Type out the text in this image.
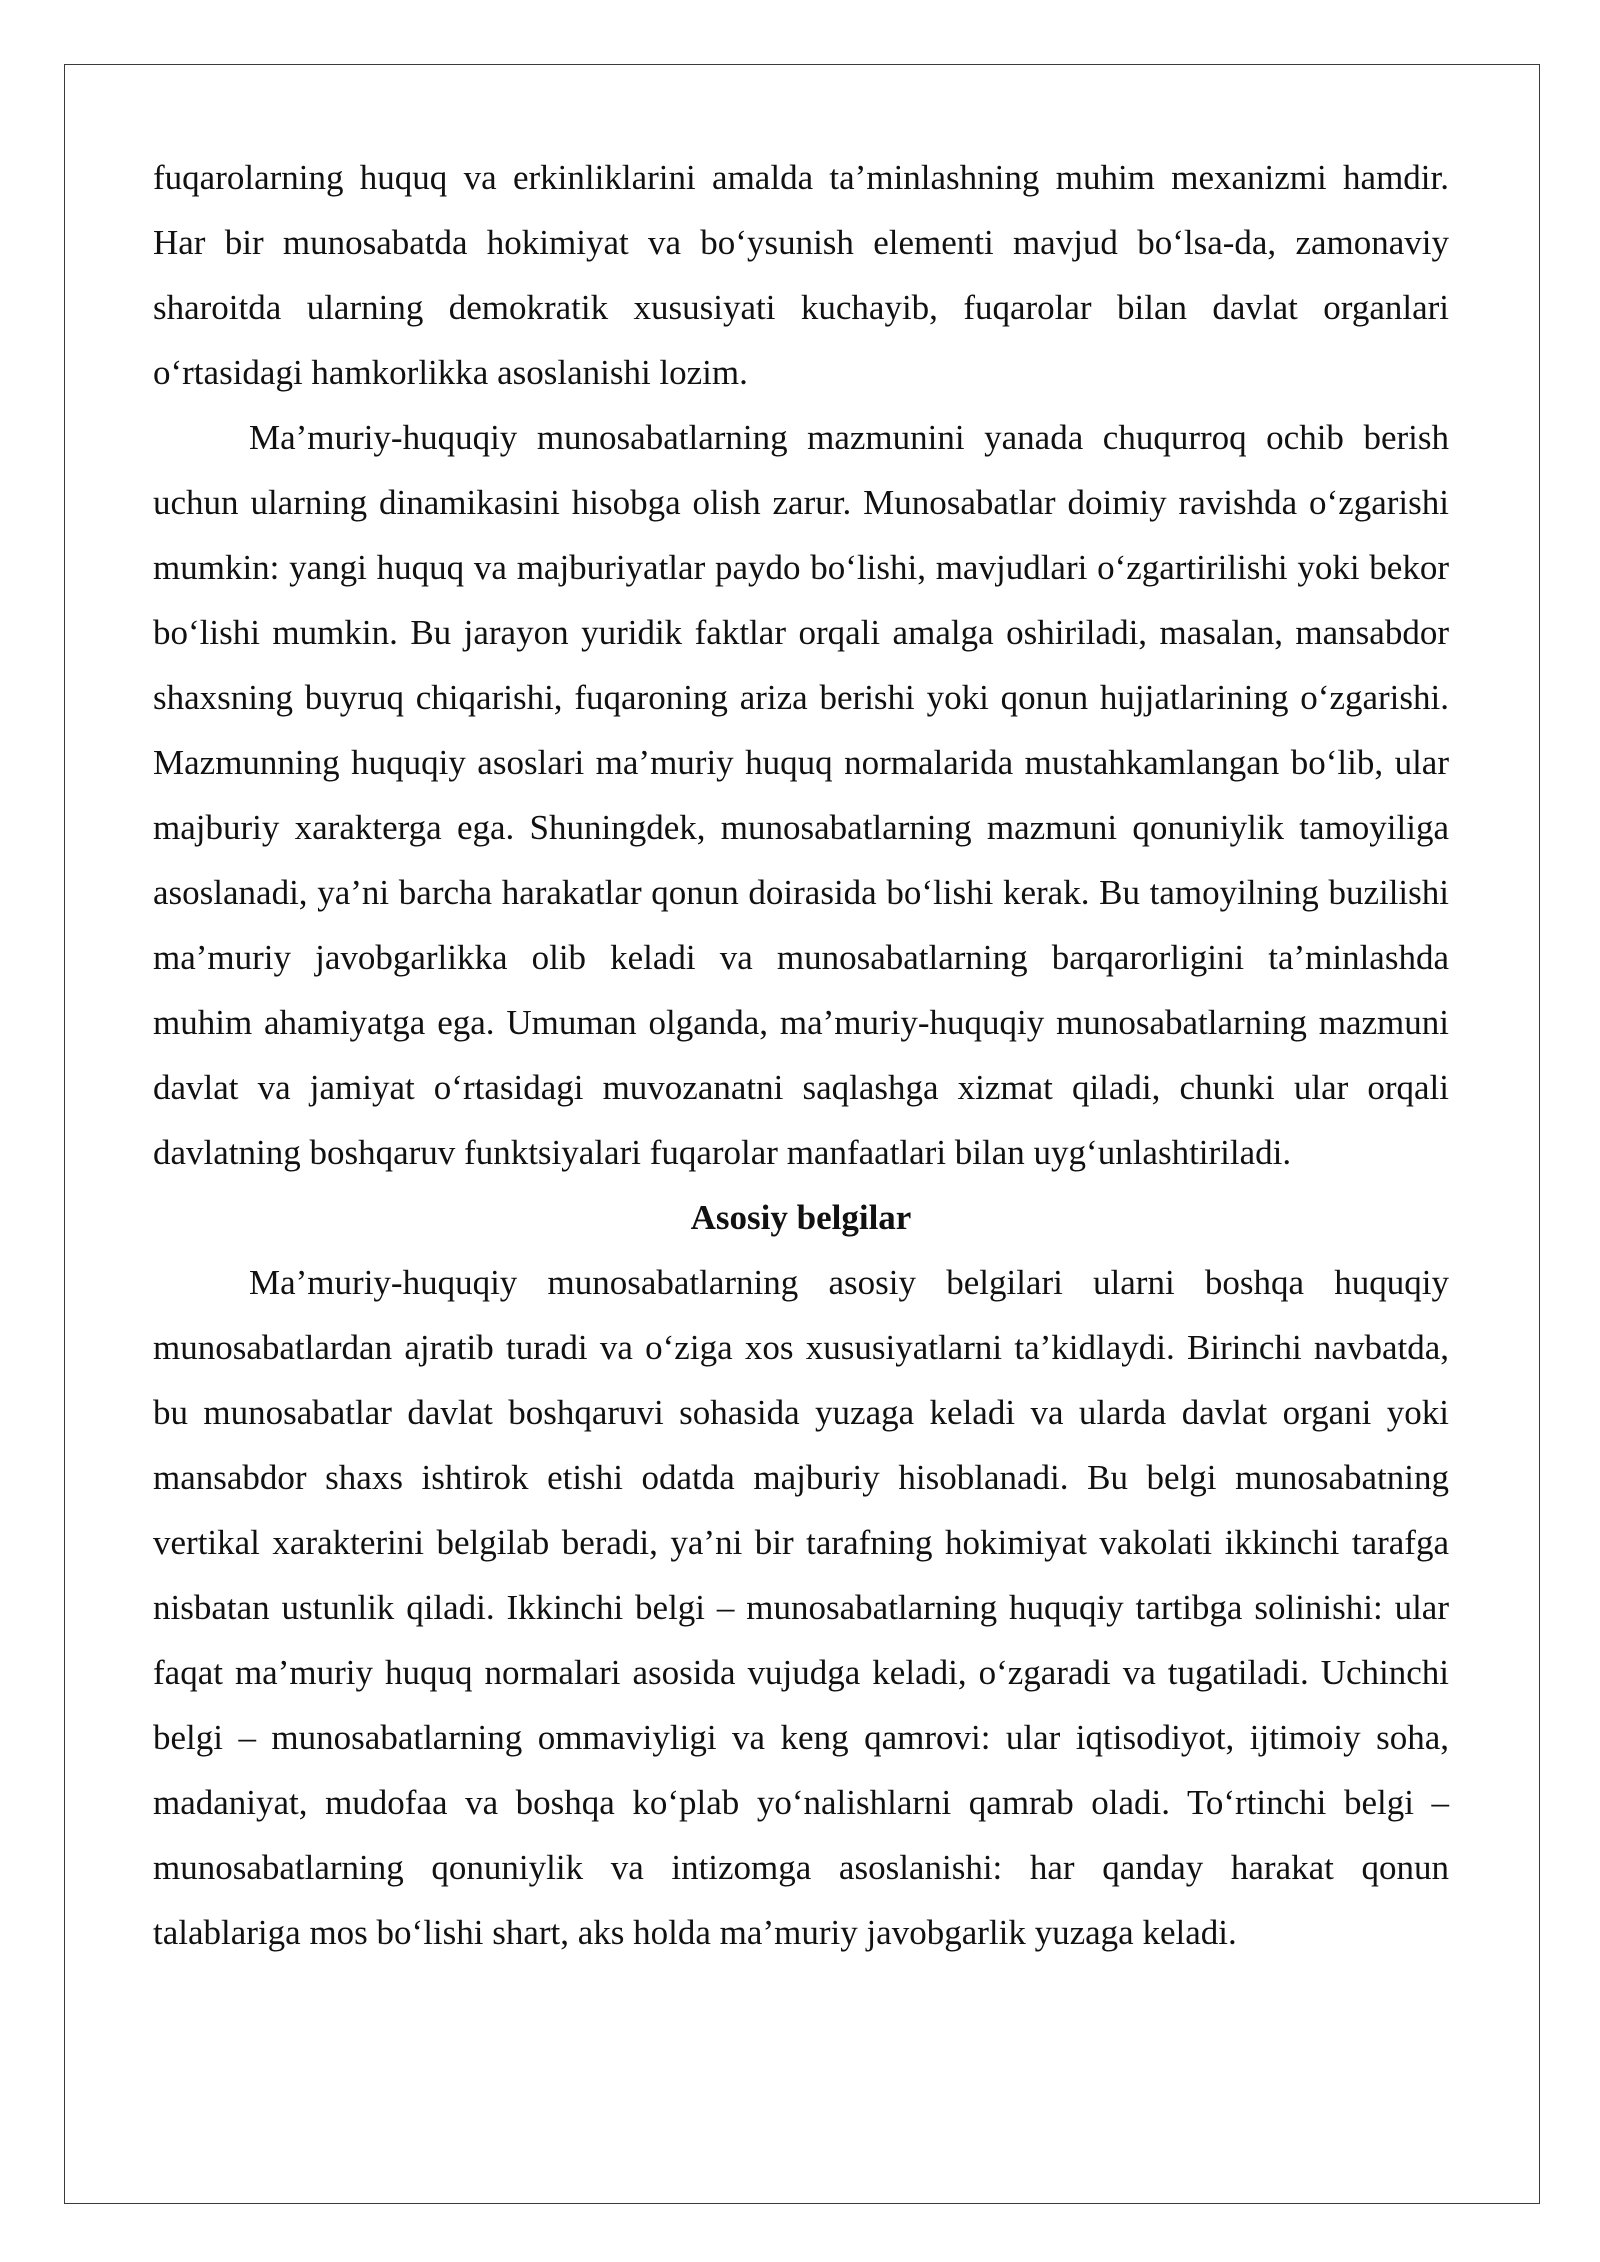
fuqarolarning huquq va erkinliklarini amalda ta’minlashning muhim mexanizmi hamdir. Har bir munosabatda hokimiyat va bo‘ysunish elementi mavjud bo‘lsa-da, zamonaviy sharoitda ularning demokratik xususiyati kuchayib, fuqarolar bilan davlat organlari o‘rtasidagi hamkorlikka asoslanishi lozim.

Ma’muriy-huquqiy munosabatlarning mazmunini yanada chuqurroq ochib berish uchun ularning dinamikasini hisobga olish zarur. Munosabatlar doimiy ravishda o‘zgarishi mumkin: yangi huquq va majburiyatlar paydo bo‘lishi, mavjudlari o‘zgartirilishi yoki bekor bo‘lishi mumkin. Bu jarayon yuridik faktlar orqali amalga oshiriladi, masalan, mansabdor shaxsning buyruq chiqarishi, fuqaroning ariza berishi yoki qonun hujjatlarining o‘zgarishi. Mazmunning huquqiy asoslari ma’muriy huquq normalarida mustahkamlangan bo‘lib, ular majburiy xarakterga ega. Shuningdek, munosabatlarning mazmuni qonuniylik tamoyiliga asoslanadi, ya’ni barcha harakatlar qonun doirasida bo‘lishi kerak. Bu tamoyilning buzilishi ma’muriy javobgarlikka olib keladi va munosabatlarning barqarorligini ta’minlashda muhim ahamiyatga ega. Umuman olganda, ma’muriy-huquqiy munosabatlarning mazmuni davlat va jamiyat o‘rtasidagi muvozanatni saqlashga xizmat qiladi, chunki ular orqali davlatning boshqaruv funktsiyalari fuqarolar manfaatlari bilan uyg‘unlashtiriladi.

Asosiy belgilar

Ma’muriy-huquqiy munosabatlarning asosiy belgilari ularni boshqa huquqiy munosabatlardan ajratib turadi va o‘ziga xos xususiyatlarni ta’kidlaydi. Birinchi navbatda, bu munosabatlar davlat boshqaruvi sohasida yuzaga keladi va ularda davlat organi yoki mansabdor shaxs ishtirok etishi odatda majburiy hisoblanadi. Bu belgi munosabatning vertikal xarakterini belgilab beradi, ya’ni bir tarafning hokimiyat vakolati ikkinchi tarafga nisbatan ustunlik qiladi. Ikkinchi belgi – munosabatlarning huquqiy tartibga solinishi: ular faqat ma’muriy huquq normalari asosida vujudga keladi, o‘zgaradi va tugatiladi. Uchinchi belgi – munosabatlarning ommaviyligi va keng qamrovi: ular iqtisodiyot, ijtimoiy soha, madaniyat, mudofaa va boshqa ko‘plab yo‘nalishlarni qamrab oladi. To‘rtinchi belgi – munosabatlarning qonuniylik va intizomga asoslanishi: har qanday harakat qonun talablariga mos bo‘lishi shart, aks holda ma’muriy javobgarlik yuzaga keladi.
